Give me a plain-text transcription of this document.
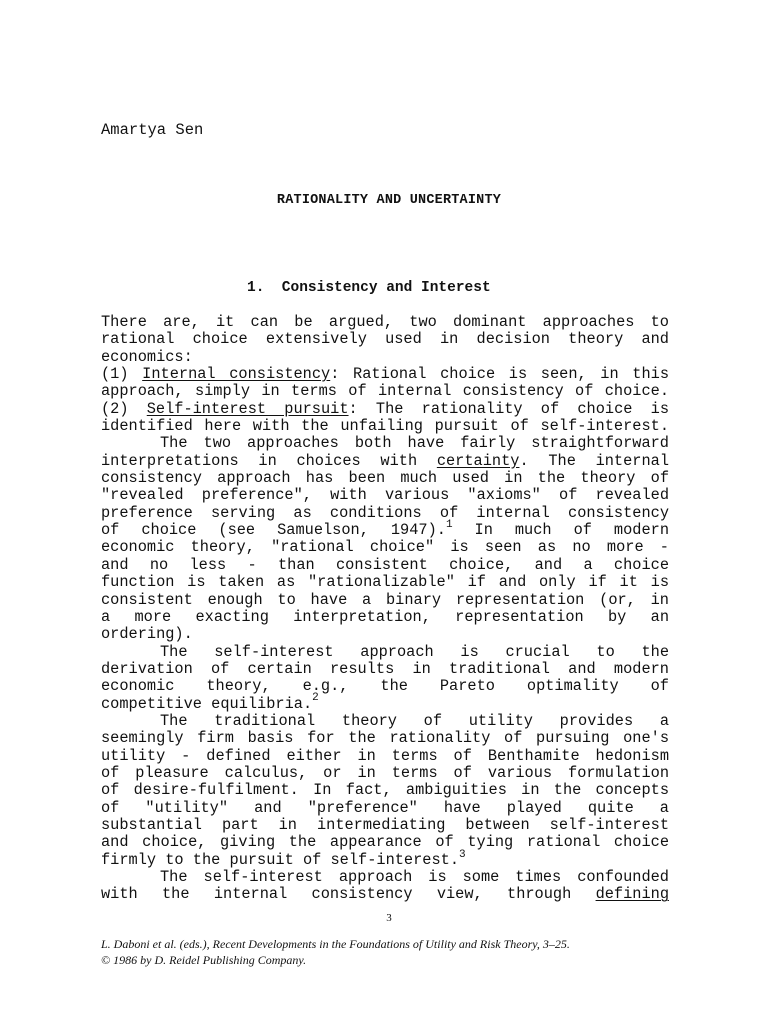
Amartya Sen
RATIONALITY AND UNCERTAINTY
1.  Consistency and Interest
There are, it can be argued, two dominant approaches to
rational choice extensively used in decision theory and
economics:
(1) Internal consistency: Rational choice is seen, in this
approach, simply in terms of internal consistency of choice.
(2) Self-interest pursuit: The rationality of choice is
identified here with the unfailing pursuit of self-interest.
The two approaches both have fairly straightforward
interpretations in choices with certainty. The internal
consistency approach has been much used in the theory of
"revealed preference", with various "axioms" of revealed
preference serving as conditions of internal consistency
of choice (see Samuelson, 1947).$^1$ In much of modern
economic theory, "rational choice" is seen as no more -
and no less - than consistent choice, and a choice
function is taken as "rationalizable" if and only if it is
consistent enough to have a binary representation (or, in
a more exacting interpretation, representation by an
ordering).
The self-interest approach is crucial to the
derivation of certain results in traditional and modern
economic theory, e.g., the Pareto optimality of
competitive equilibria.$^2$
The traditional theory of utility provides a
seemingly firm basis for the rationality of pursuing one's
utility - defined either in terms of Benthamite hedonism
of pleasure calculus, or in terms of various formulation
of desire-fulfilment. In fact, ambiguities in the concepts
of "utility" and "preference" have played quite a
substantial part in intermediating between self-interest
and choice, giving the appearance of tying rational choice
firmly to the pursuit of self-interest.$^3$
The self-interest approach is some times confounded
with the internal consistency view, through defining
3
L. Daboni et al. (eds.), Recent Developments in the Foundations of Utility and Risk Theory, 3–25.
© 1986 by D. Reidel Publishing Company.
